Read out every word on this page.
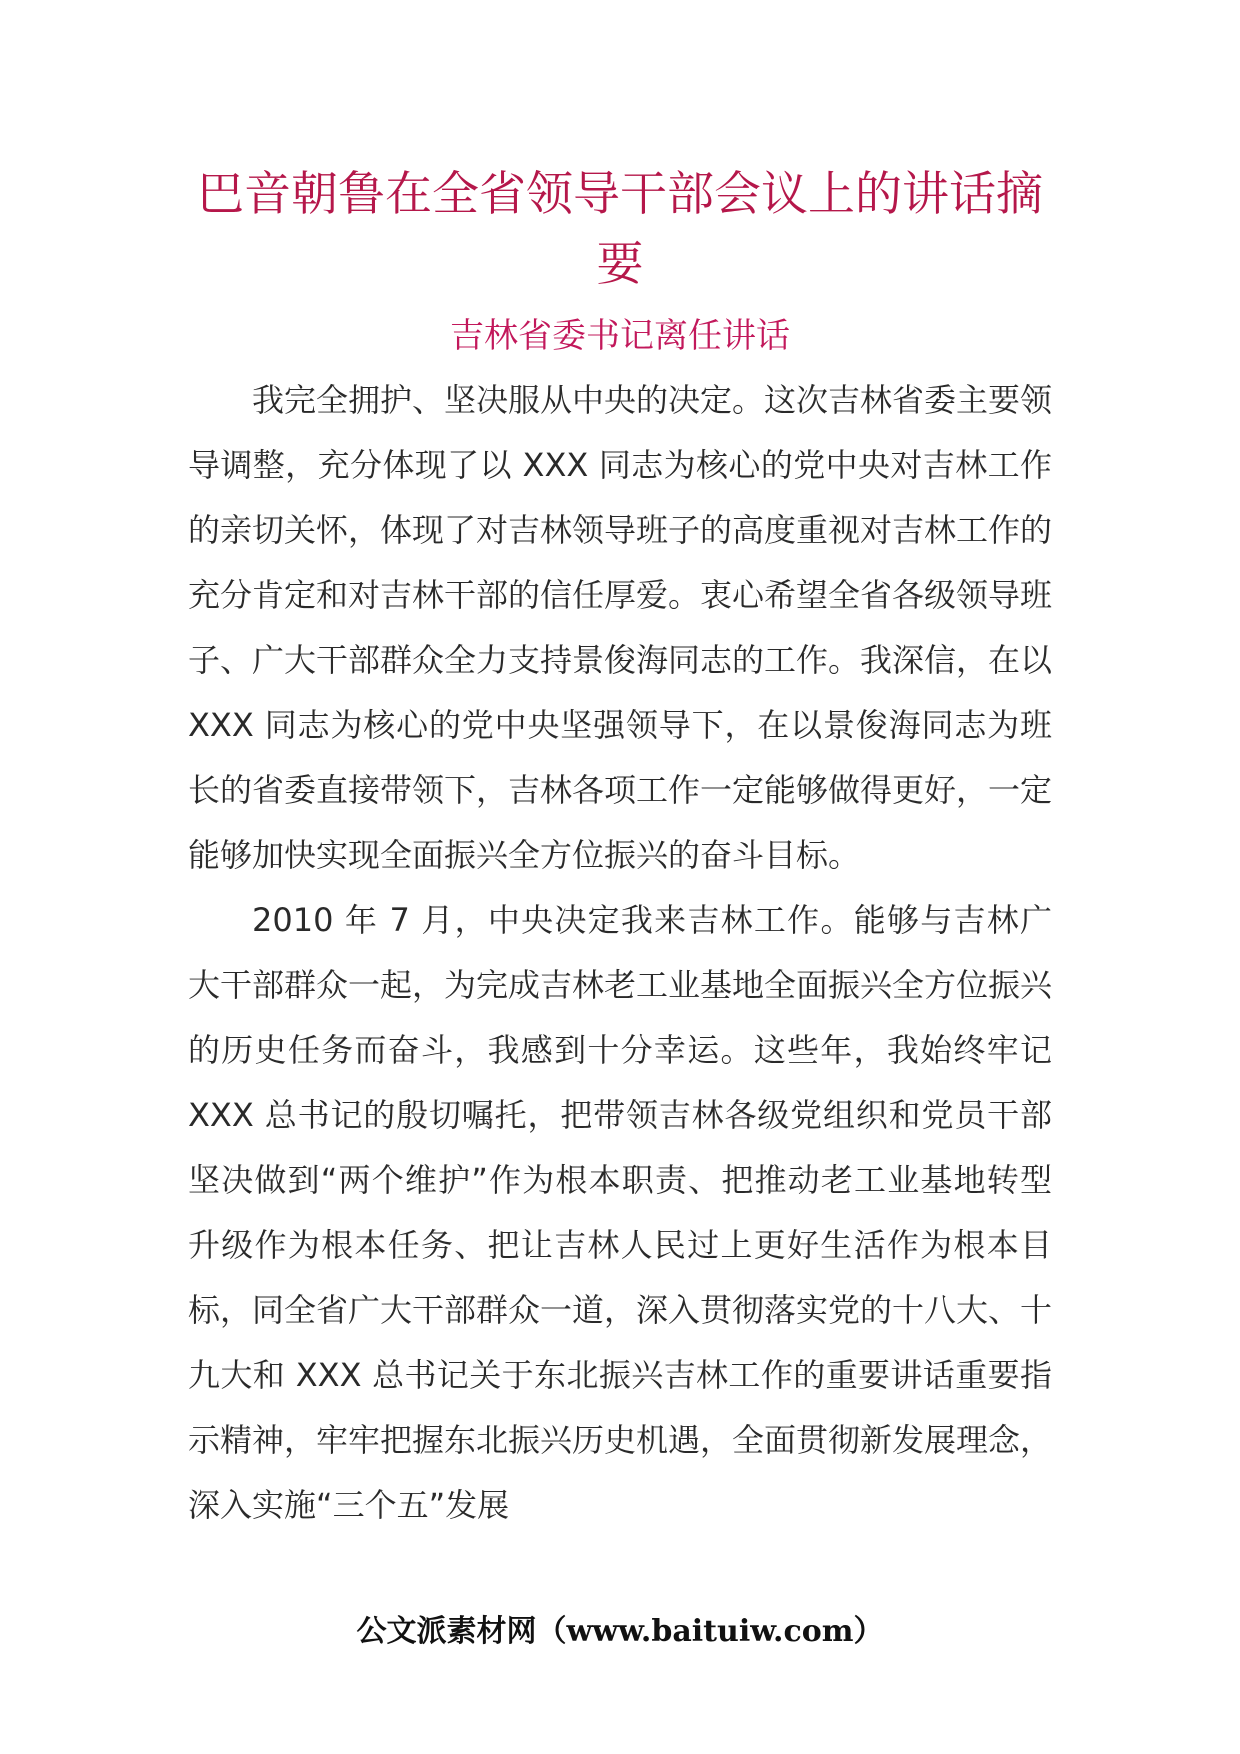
巴音朝鲁在全省领导干部会议上的讲话摘要
吉林省委书记离任讲话

我完全拥护、坚决服从中央的决定。这次吉林省委主要领导调整，充分体现了以 XXX 同志为核心的党中央对吉林工作的亲切关怀，体现了对吉林领导班子的高度重视对吉林工作的充分肯定和对吉林干部的信任厚爱。衷心希望全省各级领导班子、广大干部群众全力支持景俊海同志的工作。我深信，在以 XXX 同志为核心的党中央坚强领导下，在以景俊海同志为班长的省委直接带领下，吉林各项工作一定能够做得更好，一定能够加快实现全面振兴全方位振兴的奋斗目标。

2010 年 7 月，中央决定我来吉林工作。能够与吉林广大干部群众一起，为完成吉林老工业基地全面振兴全方位振兴的历史任务而奋斗，我感到十分幸运。这些年，我始终牢记 XXX 总书记的殷切嘱托，把带领吉林各级党组织和党员干部坚决做到“两个维护”作为根本职责、把推动老工业基地转型升级作为根本任务、把让吉林人民过上更好生活作为根本目标，同全省广大干部群众一道，深入贯彻落实党的十八大、十九大和 XXX 总书记关于东北振兴吉林工作的重要讲话重要指示精神，牢牢把握东北振兴历史机遇，全面贯彻新发展理念，深入实施“三个五”发展

公文派素材网（www.baituiw.com）
